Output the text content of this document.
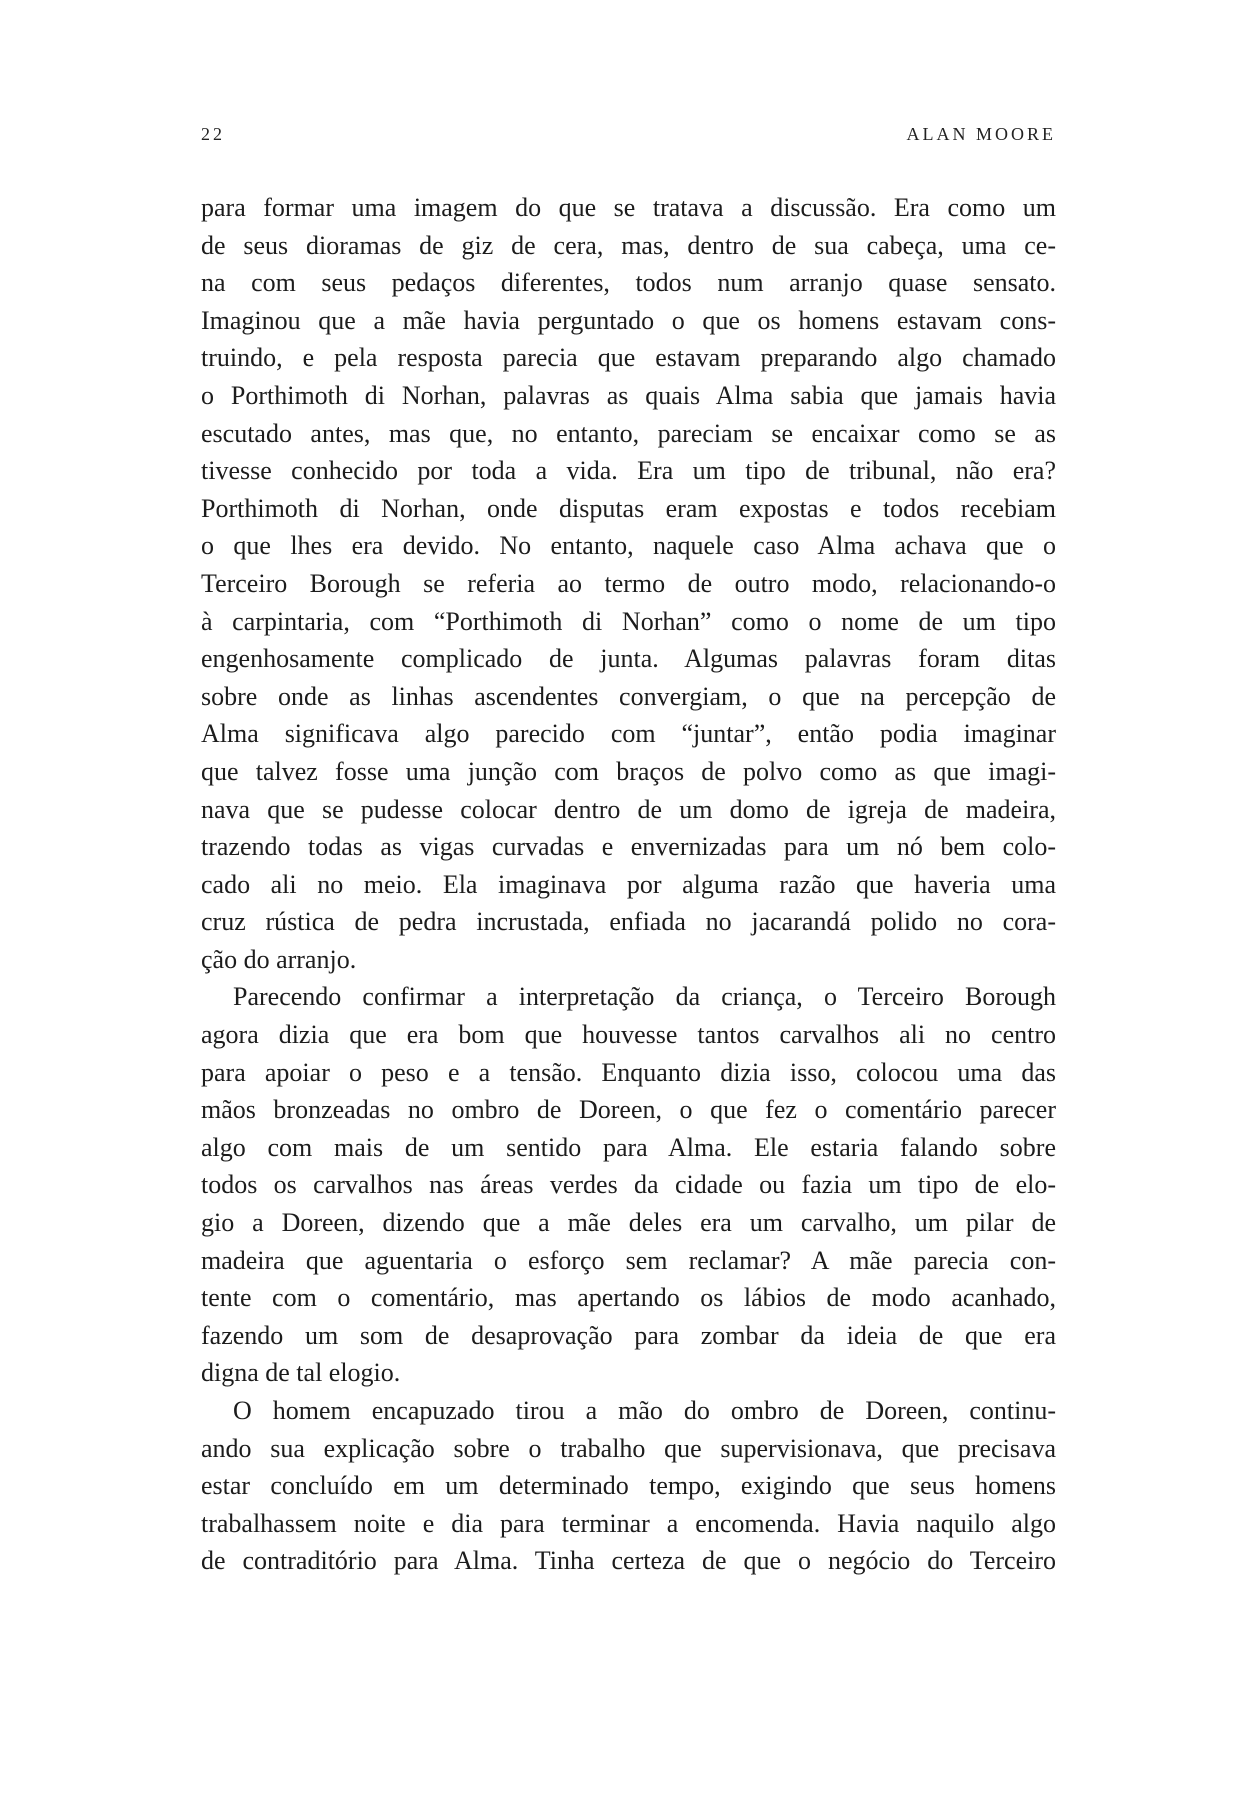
22	ALAN MOORE
para formar uma imagem do que se tratava a discussão. Era como um
de seus dioramas de giz de cera, mas, dentro de sua cabeça, uma ce-
na com seus pedaços diferentes, todos num arranjo quase sensato.
Imaginou que a mãe havia perguntado o que os homens estavam cons-
truindo, e pela resposta parecia que estavam preparando algo chamado
o Porthimoth di Norhan, palavras as quais Alma sabia que jamais havia
escutado antes, mas que, no entanto, pareciam se encaixar como se as
tivesse conhecido por toda a vida. Era um tipo de tribunal, não era?
Porthimoth di Norhan, onde disputas eram expostas e todos recebiam
o que lhes era devido. No entanto, naquele caso Alma achava que o
Terceiro Borough se referia ao termo de outro modo, relacionando-o
à carpintaria, com “Porthimoth di Norhan” como o nome de um tipo
engenhosamente complicado de junta. Algumas palavras foram ditas
sobre onde as linhas ascendentes convergiam, o que na percepção de
Alma significava algo parecido com “juntar”, então podia imaginar
que talvez fosse uma junção com braços de polvo como as que imagi-
nava que se pudesse colocar dentro de um domo de igreja de madeira,
trazendo todas as vigas curvadas e envernizadas para um nó bem colo-
cado ali no meio. Ela imaginava por alguma razão que haveria uma
cruz rústica de pedra incrustada, enfiada no jacarandá polido no cora-
ção do arranjo.
Parecendo confirmar a interpretação da criança, o Terceiro Borough
agora dizia que era bom que houvesse tantos carvalhos ali no centro
para apoiar o peso e a tensão. Enquanto dizia isso, colocou uma das
mãos bronzeadas no ombro de Doreen, o que fez o comentário parecer
algo com mais de um sentido para Alma. Ele estaria falando sobre
todos os carvalhos nas áreas verdes da cidade ou fazia um tipo de elo-
gio a Doreen, dizendo que a mãe deles era um carvalho, um pilar de
madeira que aguentaria o esforço sem reclamar? A mãe parecia con-
tente com o comentário, mas apertando os lábios de modo acanhado,
fazendo um som de desaprovação para zombar da ideia de que era
digna de tal elogio.
O homem encapuzado tirou a mão do ombro de Doreen, continu-
ando sua explicação sobre o trabalho que supervisionava, que precisava
estar concluído em um determinado tempo, exigindo que seus homens
trabalhassem noite e dia para terminar a encomenda. Havia naquilo algo
de contraditório para Alma. Tinha certeza de que o negócio do Terceiro
